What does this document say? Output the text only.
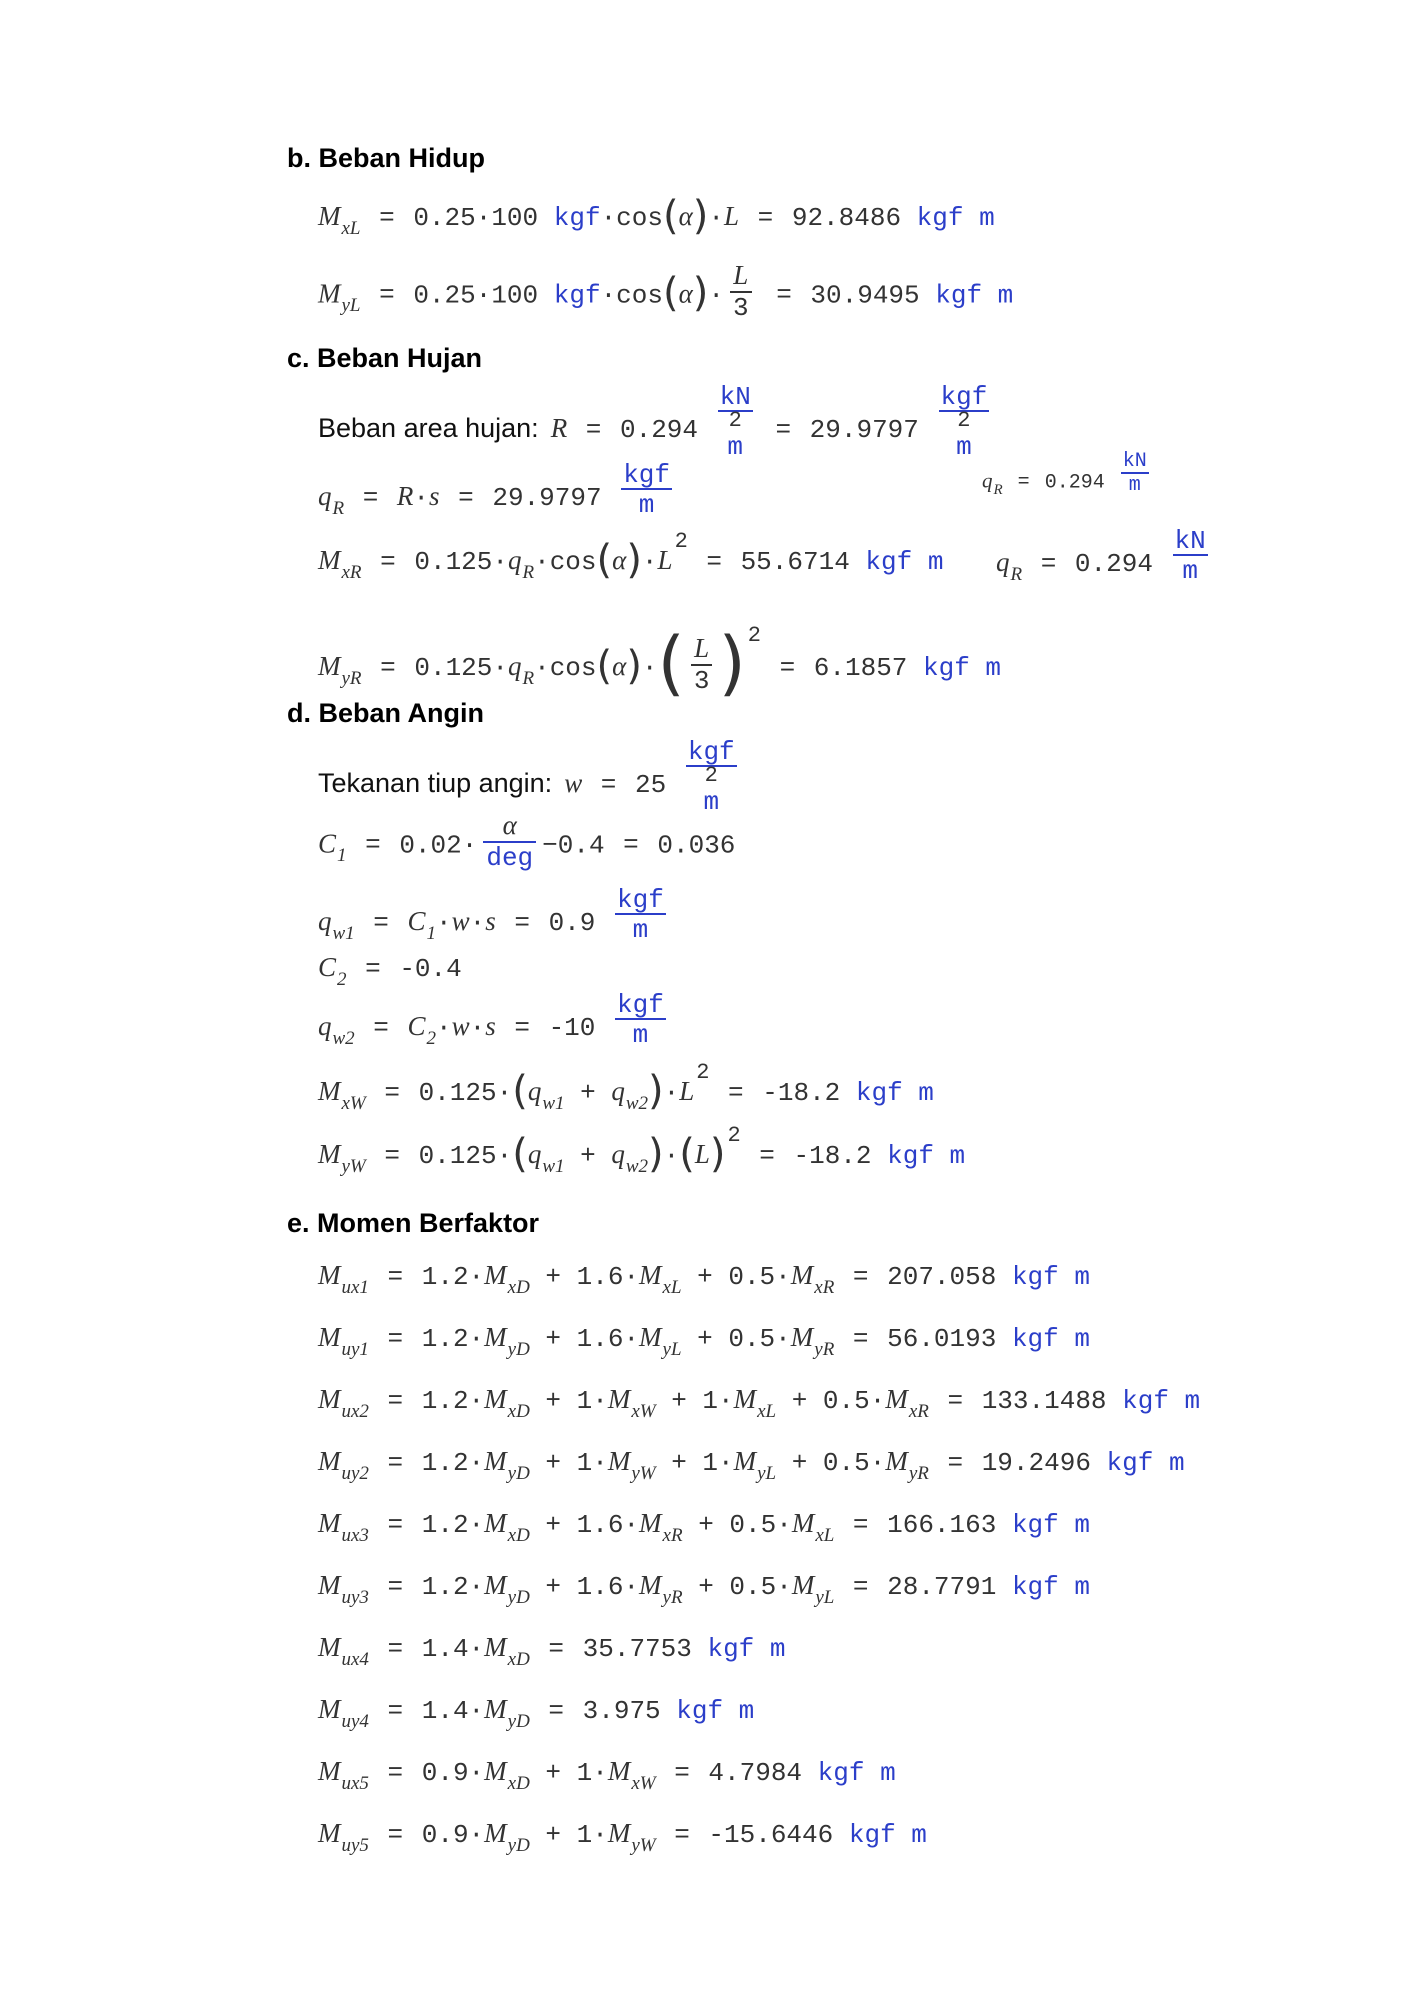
b. Beban Hidup
$M_{xL} = 0.25\cdot 100$ kgf·cos(α)·L = 92.8486 kgf m
$M_{yL} = 0.25\cdot 100$ $kgf\cdot\cos(\alpha)\cdot \frac{L}{3} = 30.9495$ kgf m
c. Beban Hujan
Beban area hujan: R = 0.294
kN
2
m
= 29.9797
kgf
2
m
$q_R = R\cdot s = 29.9797$
kgf
m
$q_R = 0.294 \frac{kN}{m}$
$q_R = 0.294 \frac{kN}{m}$
$M_{xR} = 0.125\cdot q_R\cdot\cos(\alpha)\cdot L^2 = 55.6714$ kgf m
$M_{yR} = 0.125\cdot q_R\cdot\cos(\alpha)\cdot( \frac{L}{3} )^2 = 6.1857$ kgf m
d. Beban Angin
Tekanan tiup angin: w = 25
kgf
2
m
$C_1 = 0.02\cdot \frac{\alpha}{\text{deg}} -0.4 = 0.036$
$q_{w1} = C_1\cdot w\cdot s = 0.9$
kgf
m
$C_2 = -0.4$
$q_{w2} = C_2\cdot w\cdot s = -10$
kgf
m
$M_{xW} = 0.125\cdot(q_{w1} + q_{w2})\cdot L^2 = -18.2$ kgf m
$M_{yW} = 0.125\cdot(q_{w1} + q_{w2})\cdot(L)^2 = -18.2$ kgf m
e. Momen Berfaktor
$M_{ux1} = 1.2\cdot M_{xD} + 1.6\cdot M_{xL} + 0.5\cdot M_{xR} = 207.058$ kgf m
$M_{uy1} = 1.2\cdot M_{yD} + 1.6\cdot M_{yL} + 0.5\cdot M_{yR} = 56.0193$ kgf m
$M_{ux2} = 1.2\cdot M_{xD} + 1\cdot M_{xW} + 1\cdot M_{xL} + 0.5\cdot M_{xR} = 133.1488$ kgf m
$M_{uy2} = 1.2\cdot M_{yD} + 1\cdot M_{yW} + 1\cdot M_{yL} + 0.5\cdot M_{yR} = 19.2496$ kgf m
$M_{ux3} = 1.2\cdot M_{xD} + 1.6\cdot M_{xR} + 0.5\cdot M_{xL} = 166.163$ kgf m
$M_{uy3} = 1.2\cdot M_{yD} + 1.6\cdot M_{yR} + 0.5\cdot M_{yL} = 28.7791$ kgf m
$M_{ux4} = 1.4\cdot M_{xD} = 35.7753$ kgf m
$M_{uy4} = 1.4\cdot M_{yD} = 3.975$ kgf m
$M_{ux5} = 0.9\cdot M_{xD} + 1\cdot M_{xW} = 4.7984$ kgf m
$M_{uy5} = 0.9\cdot M_{yD} + 1\cdot M_{yW} = -15.6446$ kgf m
